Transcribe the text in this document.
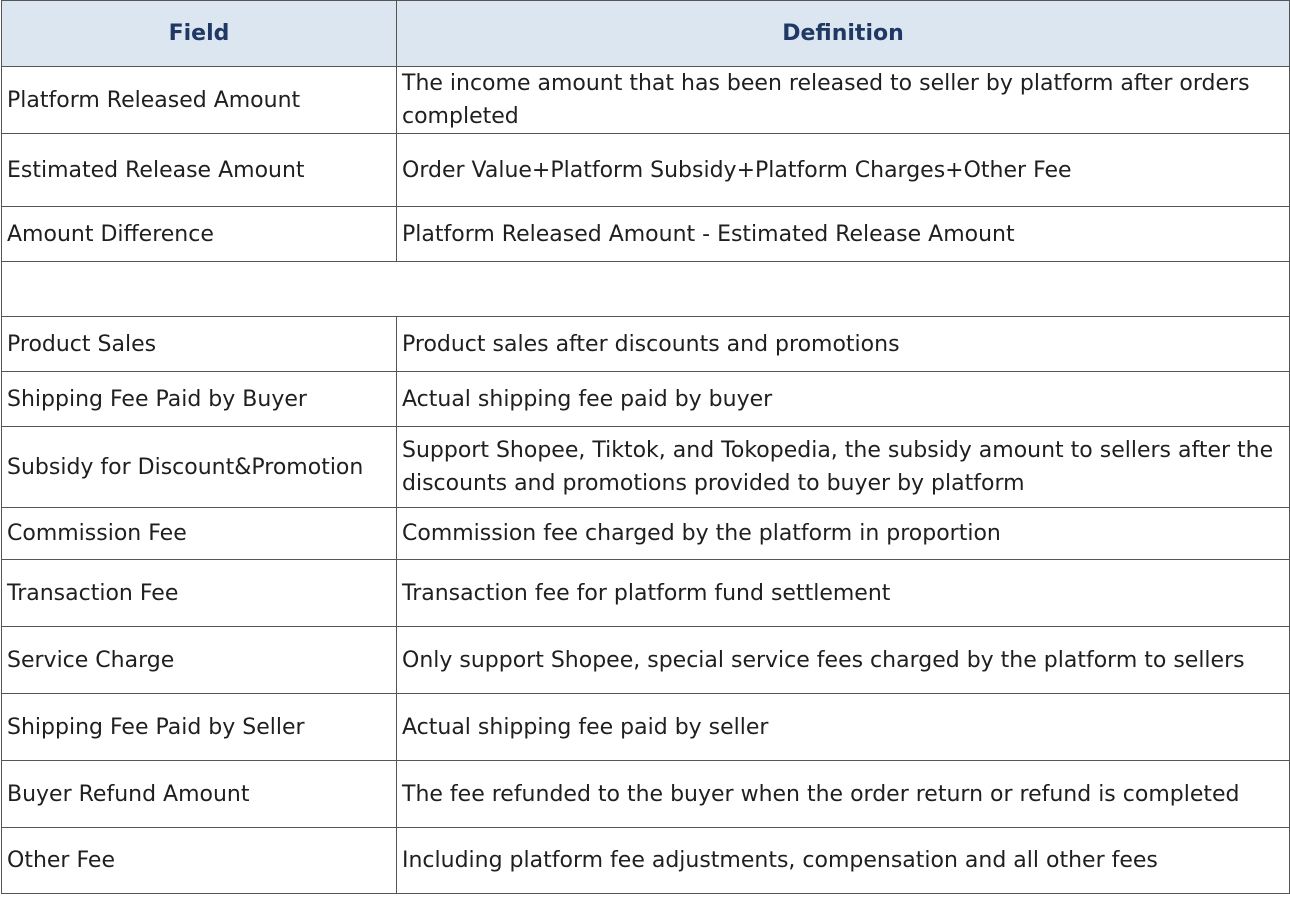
Field	Definition
Platform Released Amount	The income amount that has been released to seller by platform after orders completed
Estimated Release Amount	Order Value+Platform Subsidy+Platform Charges+Other Fee
Amount Difference	Platform Released Amount - Estimated Release Amount

Product Sales	Product sales after discounts and promotions
Shipping Fee Paid by Buyer	Actual shipping fee paid by buyer
Subsidy for Discount&Promotion	Support Shopee, Tiktok, and Tokopedia, the subsidy amount to sellers after the discounts and promotions provided to buyer by platform
Commission Fee	Commission fee charged by the platform in proportion
Transaction Fee	Transaction fee for platform fund settlement
Service Charge	Only support Shopee, special service fees charged by the platform to sellers
Shipping Fee Paid by Seller	Actual shipping fee paid by seller
Buyer Refund Amount	The fee refunded to the buyer when the order return or refund is completed
Other Fee	Including platform fee adjustments, compensation and all other fees
